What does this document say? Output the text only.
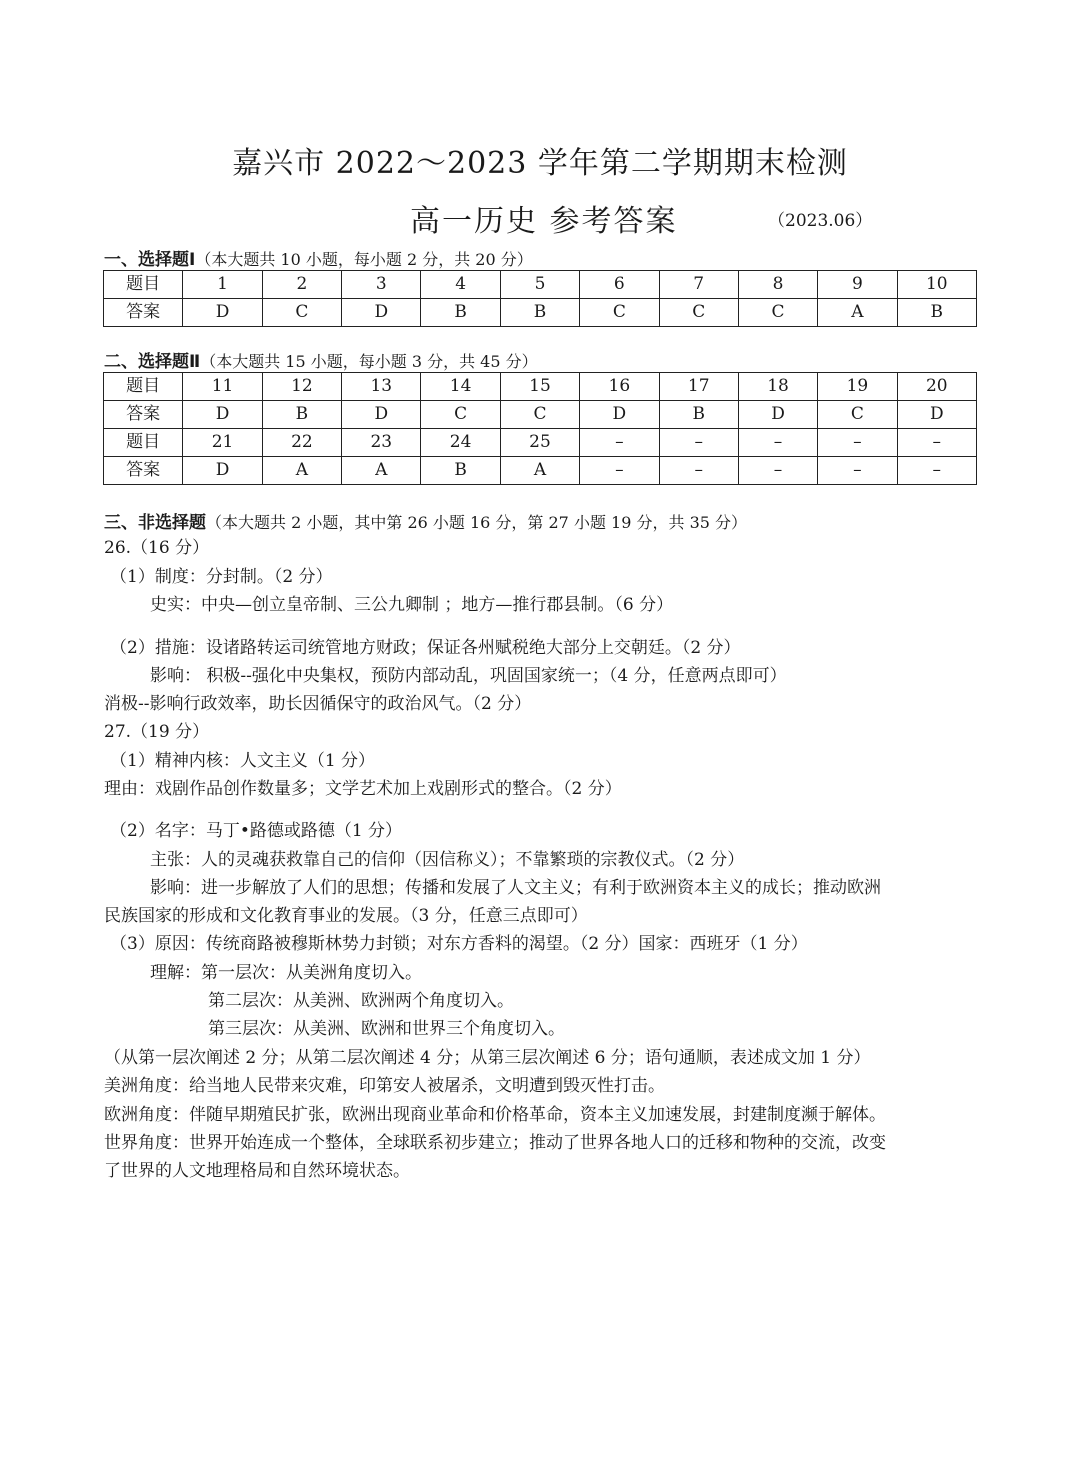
嘉兴市 2022～2023 学年第二学期期末检测
高一历史 参考答案	（2023.06）
一、选择题Ⅰ（本大题共 10 小题，每小题 2 分，共 20 分）
题目	1	2	3	4	5	6	7	8	9	10
答案	D	C	D	B	B	C	C	C	A	B
二、选择题Ⅱ（本大题共 15 小题，每小题 3 分，共 45 分）
题目	11	12	13	14	15	16	17	18	19	20
答案	D	B	D	C	C	D	B	D	C	D
题目	21	22	23	24	25	–	–	–	–	–
答案	D	A	A	B	A	–	–	–	–	–
三、非选择题（本大题共 2 小题，其中第 26 小题 16 分，第 27 小题 19 分，共 35 分）
26.（16 分）
（1）制度：分封制。（2 分）
史实：中央—创立皇帝制、三公九卿制 ；地方—推行郡县制。（6 分）
（2）措施：设诸路转运司统管地方财政；保证各州赋税绝大部分上交朝廷。（2 分）
影响： 积极--强化中央集权，预防内部动乱，巩固国家统一；（4 分，任意两点即可）
消极--影响行政效率，助长因循保守的政治风气。（2 分）
27.（19 分）
（1）精神内核：人文主义（1 分）
理由：戏剧作品创作数量多；文学艺术加上戏剧形式的整合。（2 分）
（2）名字：马丁•路德或路德（1 分）
主张：人的灵魂获救靠自己的信仰（因信称义）；不靠繁琐的宗教仪式。（2 分）
影响：进一步解放了人们的思想；传播和发展了人文主义；有利于欧洲资本主义的成长；推动欧洲
民族国家的形成和文化教育事业的发展。（3 分，任意三点即可）
（3）原因：传统商路被穆斯林势力封锁；对东方香料的渴望。（2 分）国家：西班牙（1 分）
理解：第一层次：从美洲角度切入。
第二层次：从美洲、欧洲两个角度切入。
第三层次：从美洲、欧洲和世界三个角度切入。
（从第一层次阐述 2 分；从第二层次阐述 4 分；从第三层次阐述 6 分；语句通顺，表述成文加 1 分）
美洲角度：给当地人民带来灾难，印第安人被屠杀，文明遭到毁灭性打击。
欧洲角度：伴随早期殖民扩张，欧洲出现商业革命和价格革命，资本主义加速发展，封建制度濒于解体。
世界角度：世界开始连成一个整体，全球联系初步建立；推动了世界各地人口的迁移和物种的交流，改变
了世界的人文地理格局和自然环境状态。
